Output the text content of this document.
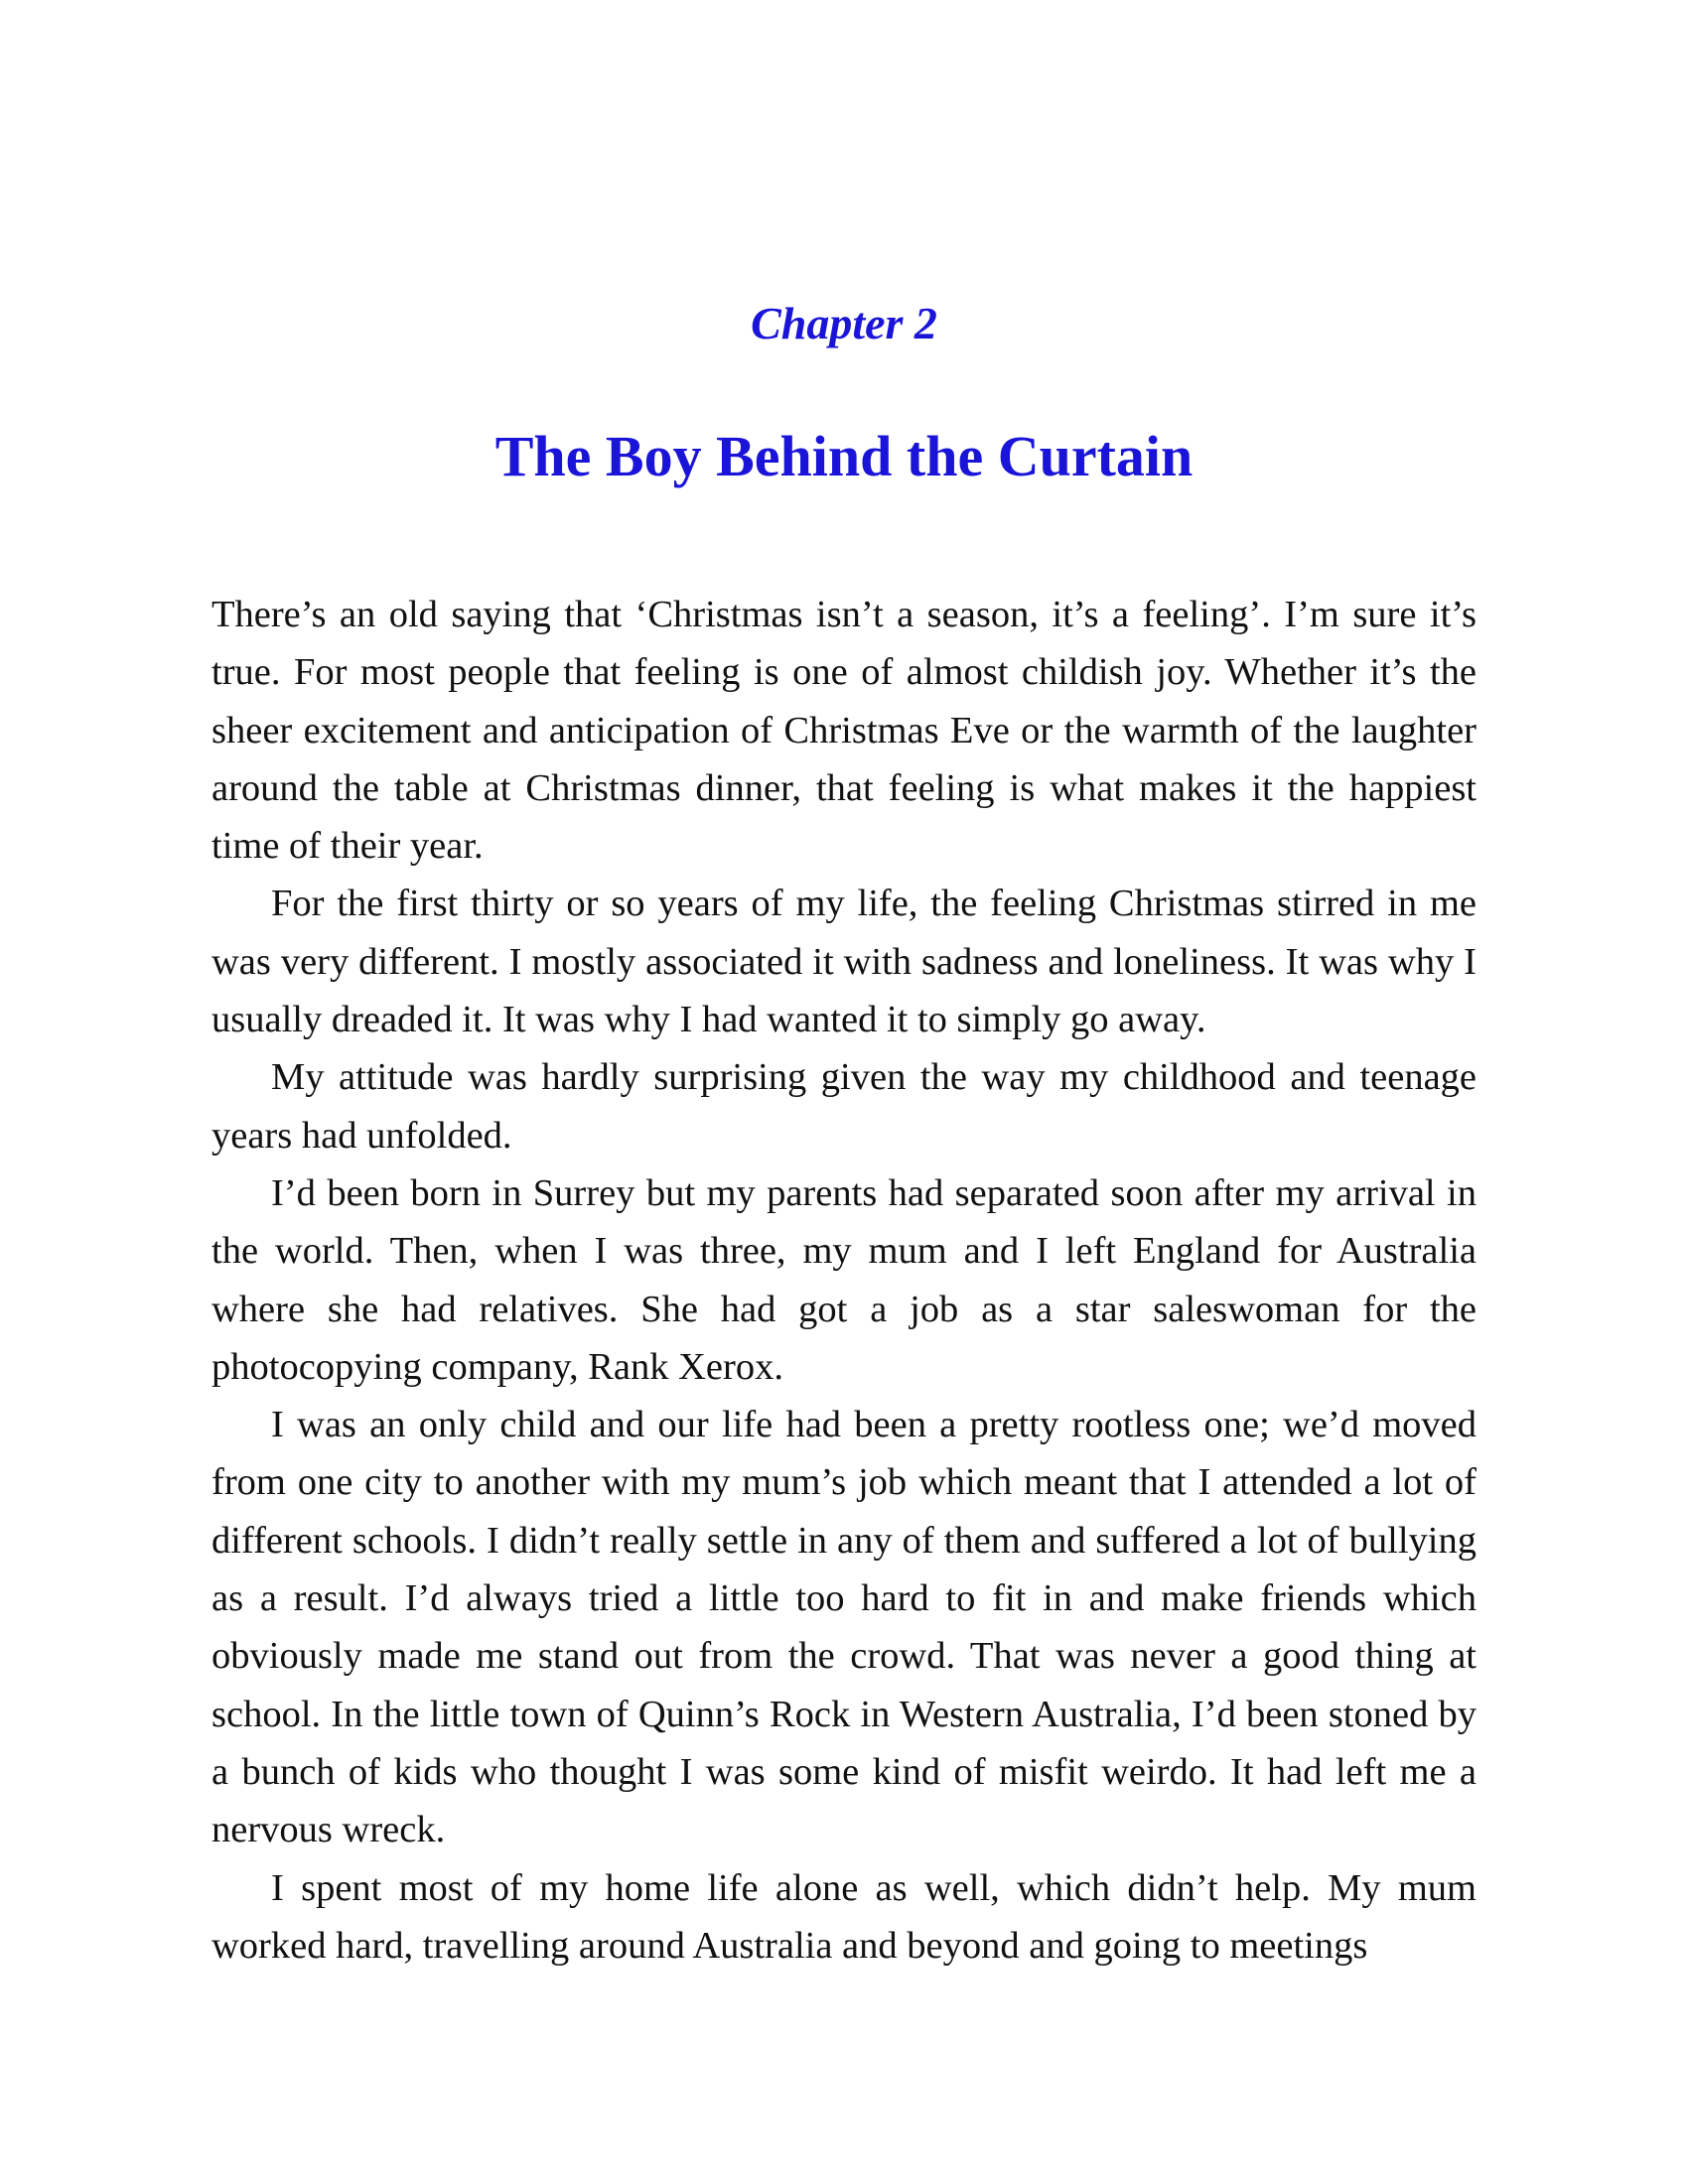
Chapter 2
The Boy Behind the Curtain

There’s an old saying that ‘Christmas isn’t a season, it’s a feeling’. I’m sure it’s true. For most people that feeling is one of almost childish joy. Whether it’s the sheer excitement and anticipation of Christmas Eve or the warmth of the laughter around the table at Christmas dinner, that feeling is what makes it the happiest time of their year.

For the first thirty or so years of my life, the feeling Christmas stirred in me was very different. I mostly associated it with sadness and loneliness. It was why I usually dreaded it. It was why I had wanted it to simply go away.

My attitude was hardly surprising given the way my childhood and teenage years had unfolded.

I’d been born in Surrey but my parents had separated soon after my arrival in the world. Then, when I was three, my mum and I left England for Australia where she had relatives. She had got a job as a star saleswoman for the photocopying company, Rank Xerox.

I was an only child and our life had been a pretty rootless one; we’d moved from one city to another with my mum’s job which meant that I attended a lot of different schools. I didn’t really settle in any of them and suffered a lot of bullying as a result. I’d always tried a little too hard to fit in and make friends which obviously made me stand out from the crowd. That was never a good thing at school. In the little town of Quinn’s Rock in Western Australia, I’d been stoned by a bunch of kids who thought I was some kind of misfit weirdo. It had left me a nervous wreck.

I spent most of my home life alone as well, which didn’t help. My mum worked hard, travelling around Australia and beyond and going to meetings
